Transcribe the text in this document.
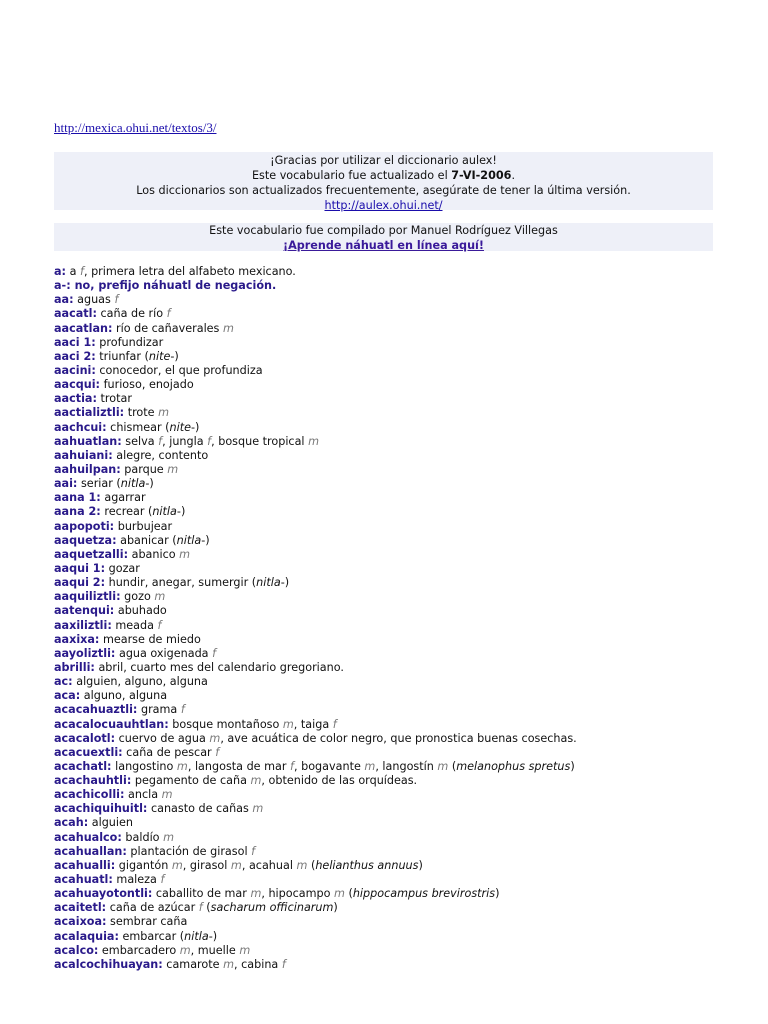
http://mexica.ohui.net/textos/3/
¡Gracias por utilizar el diccionario aulex!
Este vocabulario fue actualizado el 7-VI-2006.
Los diccionarios son actualizados frecuentemente, asegúrate de tener la última versión.
http://aulex.ohui.net/
Este vocabulario fue compilado por Manuel Rodríguez Villegas
¡Aprende náhuatl en línea aquí!
a: a f, primera letra del alfabeto mexicano.
a-: no, prefijo náhuatl de negación.
aa: aguas f
aacatl: caña de río f
aacatlan: río de cañaverales m
aaci 1: profundizar
aaci 2: triunfar (nite-)
aacini: conocedor, el que profundiza
aacqui: furioso, enojado
aactia: trotar
aactializtli: trote m
aachcui: chismear (nite-)
aahuatlan: selva f, jungla f, bosque tropical m
aahuiani: alegre, contento
aahuilpan: parque m
aai: seriar (nitla-)
aana 1: agarrar
aana 2: recrear (nitla-)
aapopoti: burbujear
aaquetza: abanicar (nitla-)
aaquetzalli: abanico m
aaqui 1: gozar
aaqui 2: hundir, anegar, sumergir (nitla-)
aaquiliztli: gozo m
aatenqui: abuhado
aaxiliztli: meada f
aaxixa: mearse de miedo
aayoliztli: agua oxigenada f
abrilli: abril, cuarto mes del calendario gregoriano.
ac: alguien, alguno, alguna
aca: alguno, alguna
acacahuaztli: grama f
acacalocuauhtlan: bosque montañoso m, taiga f
acacalotl: cuervo de agua m, ave acuática de color negro, que pronostica buenas cosechas.
acacuextli: caña de pescar f
acachatl: langostino m, langosta de mar f, bogavante m, langostín m (melanophus spretus)
acachauhtli: pegamento de caña m, obtenido de las orquídeas.
acachicolli: ancla m
acachiquihuitl: canasto de cañas m
acah: alguien
acahualco: baldío m
acahuallan: plantación de girasol f
acahualli: gigantón m, girasol m, acahual m (helianthus annuus)
acahuatl: maleza f
acahuayotontli: caballito de mar m, hipocampo m (hippocampus brevirostris)
acaitetl: caña de azúcar f (sacharum officinarum)
acaixoa: sembrar caña
acalaquia: embarcar (nitla-)
acalco: embarcadero m, muelle m
acalcochihuayan: camarote m, cabina f
